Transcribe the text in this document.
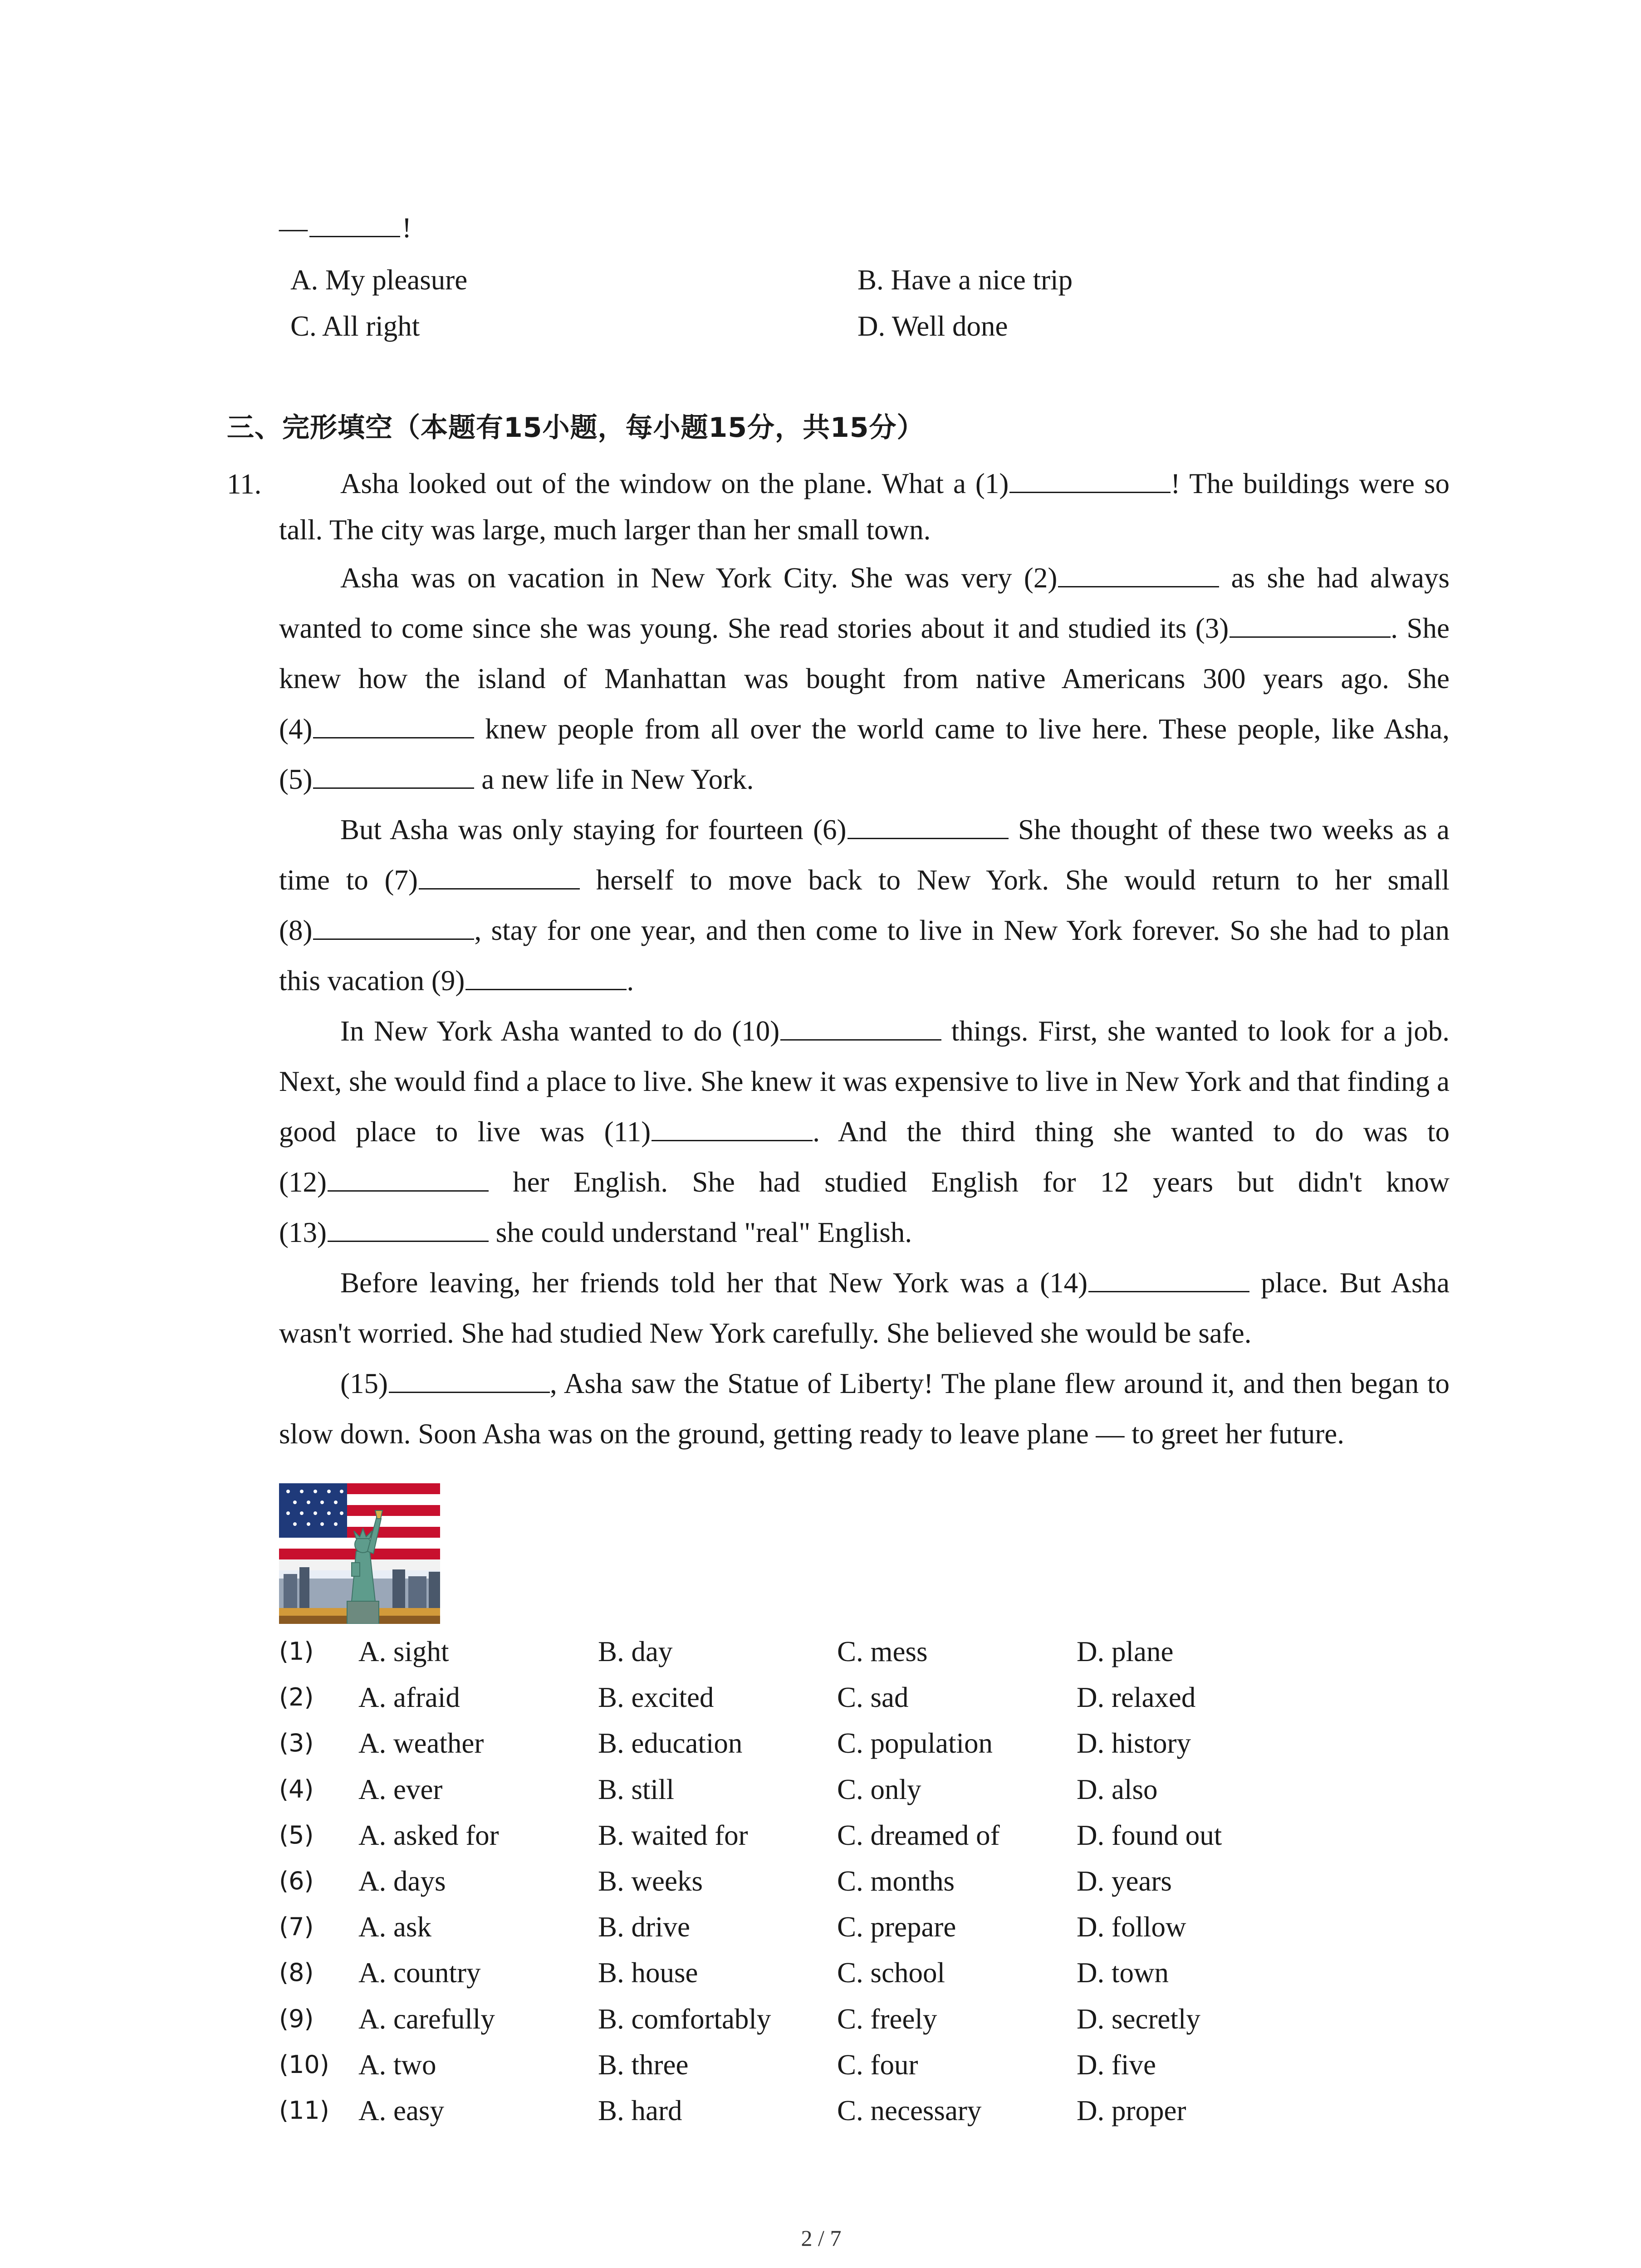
—	!
A. My pleasure	B. Have a nice trip
C. All right	D. Well done
三、完形填空（本题有15小题，每小题15分，共15分）
11.	Asha looked out of the window on the plane. What a (1)	! The buildings were so tall. The city was large, much larger than her small town.

Asha was on vacation in New York City. She was very (2)	as she had always wanted to come since she was young. She read stories about it and studied its (3)	. She knew how the island of Manhattan was bought from native Americans 300 years ago. She (4)	knew people from all over the world came to live here. These people, like Asha, (5)	a new life in New York.

But Asha was only staying for fourteen (6)	She thought of these two weeks as a time to (7)	herself to move back to New York. She would return to her small (8)	, stay for one year, and then come to live in New York forever. So she had to plan this vacation (9)	.

In New York Asha wanted to do (10)	things. First, she wanted to look for a job. Next, she would find a place to live. She knew it was expensive to live in New York and that finding a good place to live was (11)	. And the third thing she wanted to do was to (12)	her English. She had studied English for 12 years but didn't know (13)	she could understand "real" English.

Before leaving, her friends told her that New York was a (14)	place. But Asha wasn't worried. She had studied New York carefully. She believed she would be safe.

(15)	, Asha saw the Statue of Liberty! The plane flew around it, and then began to slow down. Soon Asha was on the ground, getting ready to leave plane — to greet her future.

(1) A. sight	B. day	C. mess	D. plane
(2) A. afraid	B. excited	C. sad	D. relaxed
(3) A. weather	B. education	C. population	D. history
(4) A. ever	B. still	C. only	D. also
(5) A. asked for	B. waited for	C. dreamed of	D. found out
(6) A. days	B. weeks	C. months	D. years
(7) A. ask	B. drive	C. prepare	D. follow
(8) A. country	B. house	C. school	D. town
(9) A. carefully	B. comfortably C. freely	D. secretly
(10) A. two	B. three	C. four	D. five
(11) A. easy	B. hard	C. necessary	D. proper
2 / 7
